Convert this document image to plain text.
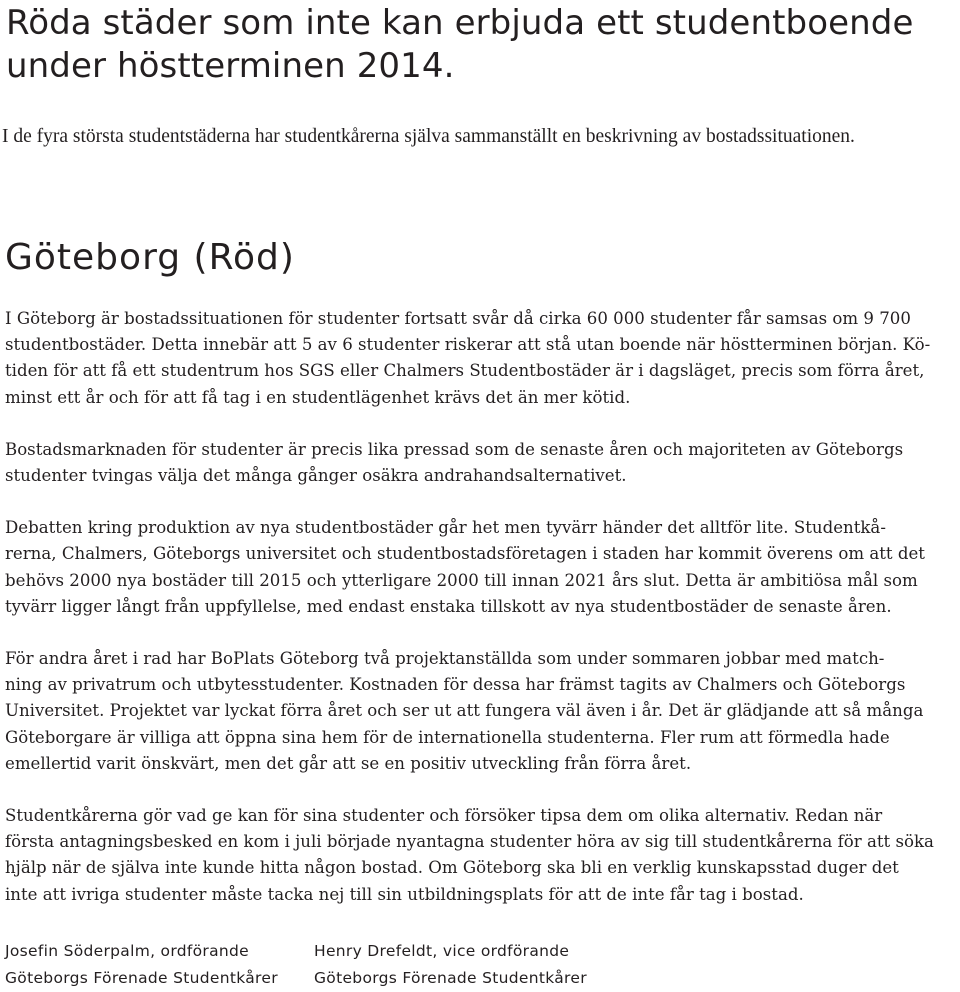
Röda städer som inte kan erbjuda ett studentboende
under höstterminen 2014.

I de fyra största studentstäderna har studentkårerna själva sammanställt en beskrivning av bostadssituationen.

Göteborg (Röd)

I Göteborg är bostadssituationen för studenter fortsatt svår då cirka 60 000 studenter får samsas om 9 700
studentbostäder. Detta innebär att 5 av 6 studenter riskerar att stå utan boende när höstterminen början. Kö-
tiden för att få ett studentrum hos SGS eller Chalmers Studentbostäder är i dagsläget, precis som förra året,
minst ett år och för att få tag i en studentlägenhet krävs det än mer kötid.

Bostadsmarknaden för studenter är precis lika pressad som de senaste åren och majoriteten av Göteborgs
studenter tvingas välja det många gånger osäkra andrahandsalternativet.

Debatten kring produktion av nya studentbostäder går het men tyvärr händer det alltför lite. Studentkå-
rerna, Chalmers, Göteborgs universitet och studentbostadsföretagen i staden har kommit överens om att det
behövs 2000 nya bostäder till 2015 och ytterligare 2000 till innan 2021 års slut. Detta är ambitiösa mål som
tyvärr ligger långt från uppfyllelse, med endast enstaka tillskott av nya studentbostäder de senaste åren.

För andra året i rad har BoPlats Göteborg två projektanställda som under sommaren jobbar med match-
ning av privatrum och utbytesstudenter. Kostnaden för dessa har främst tagits av Chalmers och Göteborgs
Universitet. Projektet var lyckat förra året och ser ut att fungera väl även i år. Det är glädjande att så många
Göteborgare är villiga att öppna sina hem för de internationella studenterna. Fler rum att förmedla hade
emellertid varit önskvärt, men det går att se en positiv utveckling från förra året.

Studentkårerna gör vad ge kan för sina studenter och försöker tipsa dem om olika alternativ. Redan när
första antagningsbesked en kom i juli började nyantagna studenter höra av sig till studentkårerna för att söka
hjälp när de själva inte kunde hitta någon bostad. Om Göteborg ska bli en verklig kunskapsstad duger det
inte att ivriga studenter måste tacka nej till sin utbildningsplats för att de inte får tag i bostad.

Josefin Söderpalm, ordförande
Göteborgs Förenade Studentkårer
Henry Drefeldt, vice ordförande
Göteborgs Förenade Studentkårer
